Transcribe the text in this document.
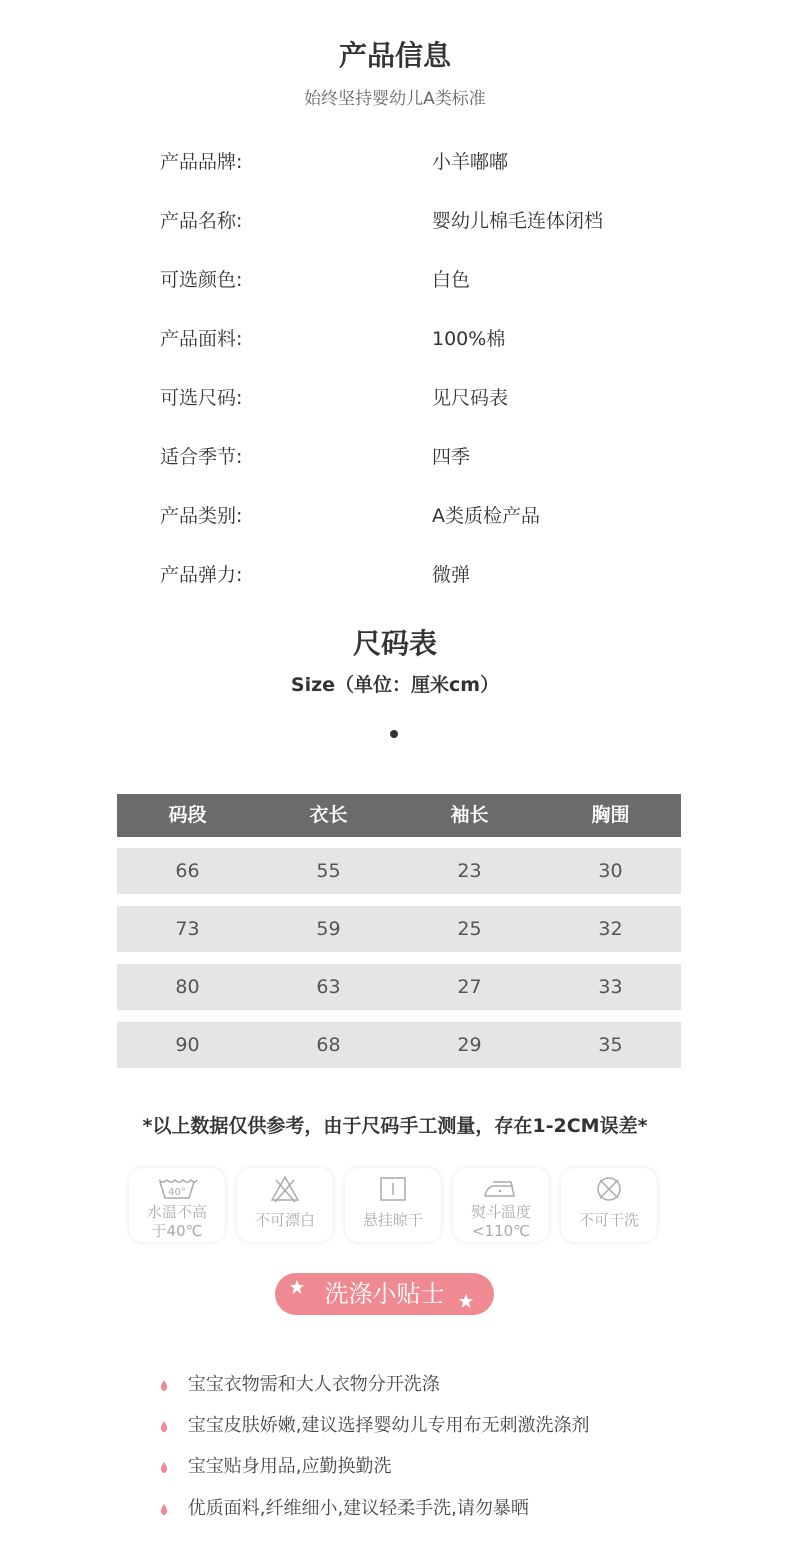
产品信息
始终坚持婴幼儿A类标准
产品品牌:	小羊嘟嘟
产品名称:	婴幼儿棉毛连体闭档
可选颜色:	白色
产品面料:	100%棉
可选尺码:	见尺码表
适合季节:	四季
产品类别:	A类质检产品
产品弹力:	微弹
尺码表
Size（单位：厘米cm）
码段	衣长	袖长	胸围
66	55	23	30
73	59	25	32
80	63	27	33
90	68	29	35
*以上数据仅供参考，由于尺码手工测量，存在1-2CM误差*
40°
水温不高
于40℃
不可漂白	悬挂晾干	熨斗温度
<110℃
不可干洗
洗涤小贴士
宝宝衣物需和大人衣物分开洗涤
宝宝皮肤娇嫩,建议选择婴幼儿专用布无刺激洗涤剂
宝宝贴身用品,应勤换勤洗
优质面料,纤维细小,建议轻柔手洗,请勿暴晒
